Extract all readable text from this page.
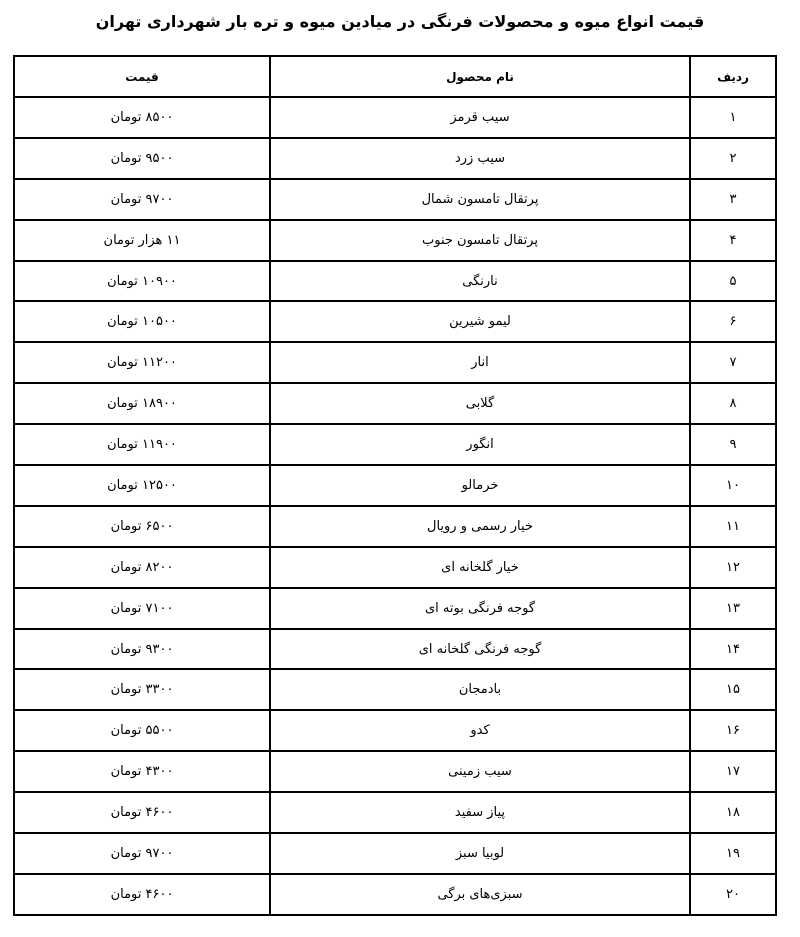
قیمت انواع میوه و محصولات فرنگی در میادین میوه و تره بار شهرداری تهران
ردیف	نام محصول	قیمت
۱	سیب قرمز	۸۵۰۰ تومان
۲	سیب زرد	۹۵۰۰ تومان
۳	پرتقال تامسون شمال	۹۷۰۰ تومان
۴	پرتقال تامسون جنوب	۱۱ هزار تومان
۵	نارنگی	۱۰۹۰۰ تومان
۶	لیمو شیرین	۱۰۵۰۰ تومان
۷	انار	۱۱۲۰۰ تومان
۸	گلابی	۱۸۹۰۰ تومان
۹	انگور	۱۱۹۰۰ تومان
۱۰	خرمالو	۱۲۵۰۰ تومان
۱۱	خیار رسمی و رویال	۶۵۰۰ تومان
۱۲	خیار گلخانه ای	۸۲۰۰ تومان
۱۳	گوجه فرنگی بوته ای	۷۱۰۰ تومان
۱۴	گوجه فرنگی گلخانه ای	۹۳۰۰ تومان
۱۵	بادمجان	۳۳۰۰ تومان
۱۶	کدو	۵۵۰۰ تومان
۱۷	سیب زمینی	۴۳۰۰ تومان
۱۸	پیاز سفید	۴۶۰۰ تومان
۱۹	لوبیا سبز	۹۷۰۰ تومان
۲۰	سبزی‌های برگی	۴۶۰۰ تومان
